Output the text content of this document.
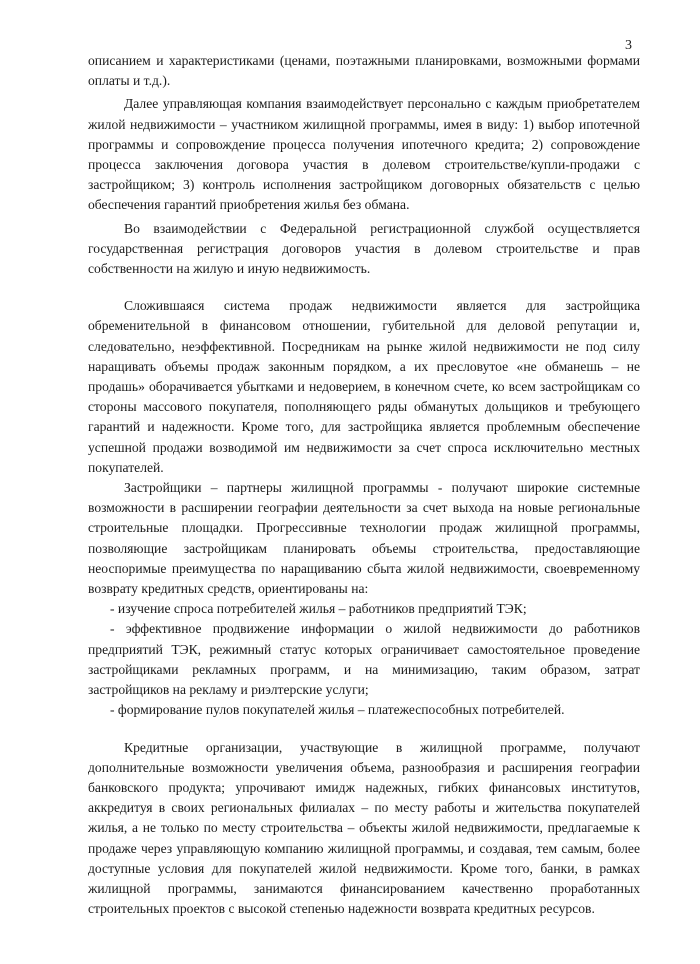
3

описанием и характеристиками (ценами, поэтажными планировками, возможными формами оплаты и т.д.).

Далее управляющая компания взаимодействует персонально с каждым приобретателем жилой недвижимости – участником жилищной программы, имея в виду: 1) выбор ипотечной программы и сопровождение процесса получения ипотечного кредита; 2) сопровождение процесса заключения договора участия в долевом строительстве/купли-продажи с застройщиком; 3) контроль исполнения застройщиком договорных обязательств с целью обеспечения гарантий приобретения жилья без обмана.

Во взаимодействии с Федеральной регистрационной службой осуществляется государственная регистрация договоров участия в долевом строительстве и прав собственности на жилую и иную недвижимость.

Сложившаяся система продаж недвижимости является для застройщика обременительной в финансовом отношении, губительной для деловой репутации и, следовательно, неэффективной. Посредникам на рынке жилой недвижимости не под силу наращивать объемы продаж законным порядком, а их пресловутое «не обманешь – не продашь» оборачивается убытками и недоверием, в конечном счете, ко всем застройщикам со стороны массового покупателя, пополняющего ряды обманутых дольщиков и требующего гарантий и надежности. Кроме того, для застройщика является проблемным обеспечение успешной продажи возводимой им недвижимости за счет спроса исключительно местных покупателей.

Застройщики – партнеры жилищной программы - получают широкие системные возможности в расширении географии деятельности за счет выхода на новые региональные строительные площадки. Прогрессивные технологии продаж жилищной программы, позволяющие застройщикам планировать объемы строительства, предоставляющие неоспоримые преимущества по наращиванию сбыта жилой недвижимости, своевременному возврату кредитных средств, ориентированы на:

- изучение спроса потребителей жилья – работников предприятий ТЭК;

- эффективное продвижение информации о жилой недвижимости до работников предприятий ТЭК, режимный статус которых ограничивает самостоятельное проведение застройщиками рекламных программ, и на минимизацию, таким образом, затрат застройщиков на рекламу и риэлтерские услуги;

- формирование пулов покупателей жилья – платежеспособных потребителей.

Кредитные организации, участвующие в жилищной программе, получают дополнительные возможности увеличения объема, разнообразия и расширения географии банковского продукта; упрочивают имидж надежных, гибких финансовых институтов, аккредитуя в своих региональных филиалах – по месту работы и жительства покупателей жилья, а не только по месту строительства – объекты жилой недвижимости, предлагаемые к продаже через управляющую компанию жилищной программы, и создавая, тем самым, более доступные условия для покупателей жилой недвижимости. Кроме того, банки, в рамках жилищной программы, занимаются финансированием качественно проработанных строительных проектов с высокой степенью надежности возврата кредитных ресурсов.
